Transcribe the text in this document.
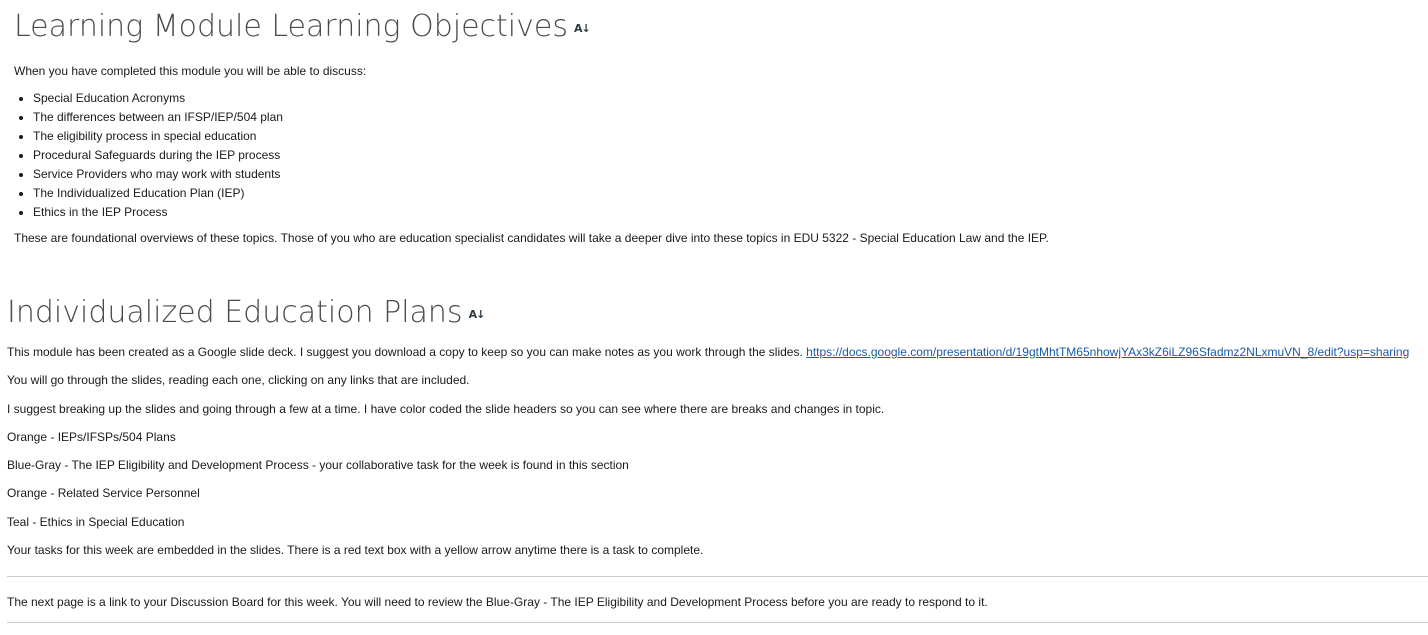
Learning Module Learning Objectives A↓

When you have completed this module you will be able to discuss:

• Special Education Acronyms
• The differences between an IFSP/IEP/504 plan
• The eligibility process in special education
• Procedural Safeguards during the IEP process
• Service Providers who may work with students
• The Individualized Education Plan (IEP)
• Ethics in the IEP Process

These are foundational overviews of these topics. Those of you who are education specialist candidates will take a deeper dive into these topics in EDU 5322 - Special Education Law and the IEP.

Individualized Education Plans A↓

This module has been created as a Google slide deck. I suggest you download a copy to keep so you can make notes as you work through the slides. https://docs.google.com/presentation/d/19gtMhtTM65nhowjYAx3kZ6iLZ96Sfadmz2NLxmuVN_8/edit?usp=sharing

You will go through the slides, reading each one, clicking on any links that are included.

I suggest breaking up the slides and going through a few at a time. I have color coded the slide headers so you can see where there are breaks and changes in topic.

Orange - IEPs/IFSPs/504 Plans

Blue-Gray - The IEP Eligibility and Development Process - your collaborative task for the week is found in this section

Orange - Related Service Personnel

Teal - Ethics in Special Education

Your tasks for this week are embedded in the slides. There is a red text box with a yellow arrow anytime there is a task to complete.

The next page is a link to your Discussion Board for this week. You will need to review the Blue-Gray - The IEP Eligibility and Development Process before you are ready to respond to it.
